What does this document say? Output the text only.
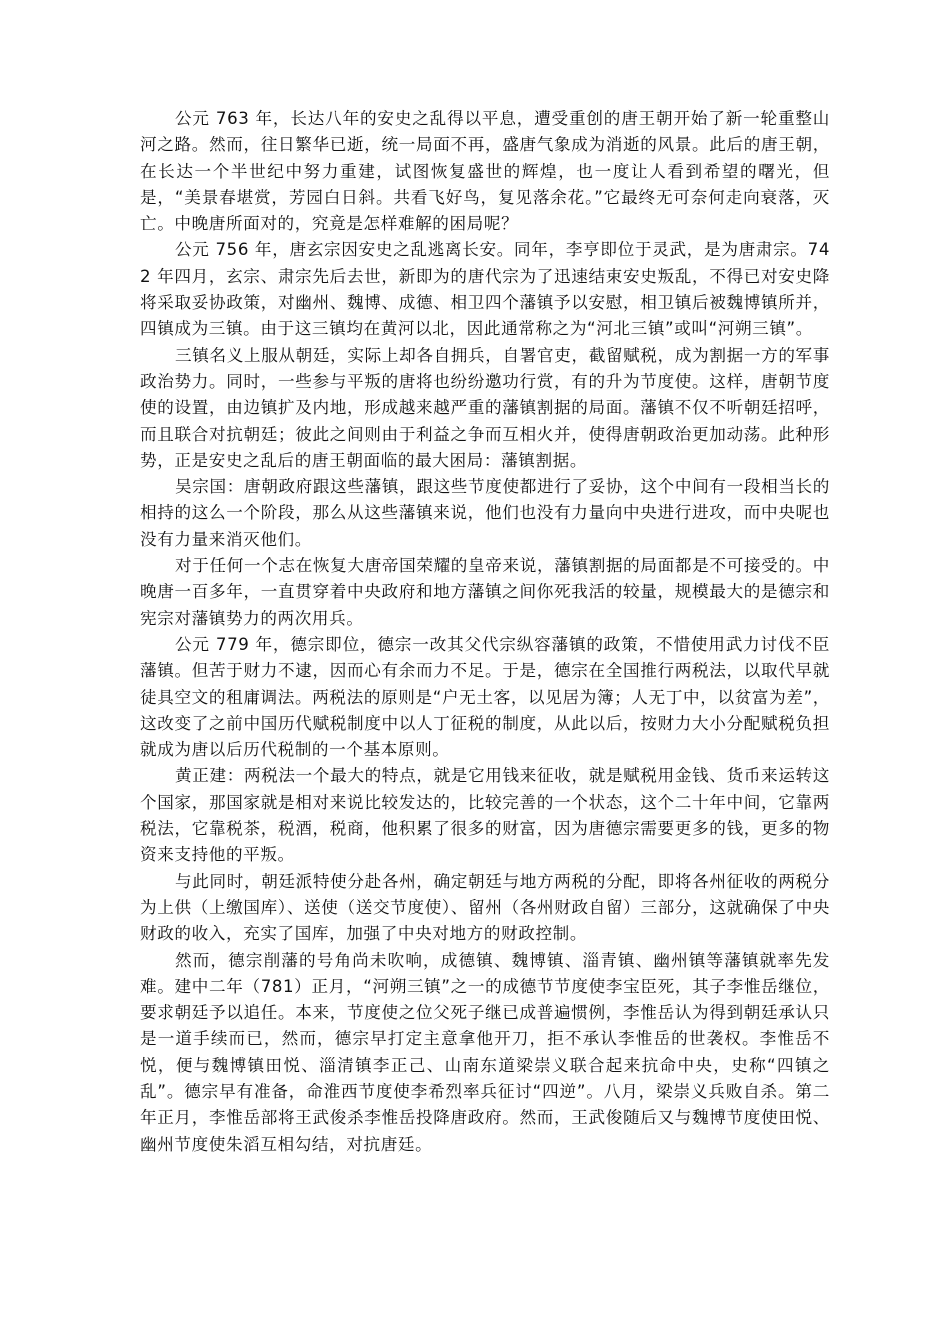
公元 763 年，长达八年的安史之乱得以平息，遭受重创的唐王朝开始了新一轮重整山河之路。然而，往日繁华已逝，统一局面不再，盛唐气象成为消逝的风景。此后的唐王朝，在长达一个半世纪中努力重建，试图恢复盛世的辉煌，也一度让人看到希望的曙光，但是，“美景春堪赏，芳园白日斜。共看飞好鸟，复见落余花。”它最终无可奈何走向衰落，灭亡。中晚唐所面对的，究竟是怎样难解的困局呢？

公元 756 年，唐玄宗因安史之乱逃离长安。同年，李亨即位于灵武，是为唐肃宗。742 年四月，玄宗、肃宗先后去世，新即为的唐代宗为了迅速结束安史叛乱，不得已对安史降将采取妥协政策，对幽州、魏博、成德、相卫四个藩镇予以安慰，相卫镇后被魏博镇所并，四镇成为三镇。由于这三镇均在黄河以北，因此通常称之为“河北三镇”或叫“河朔三镇”。

三镇名义上服从朝廷，实际上却各自拥兵，自署官吏，截留赋税，成为割据一方的军事政治势力。同时，一些参与平叛的唐将也纷纷邀功行赏，有的升为节度使。这样，唐朝节度使的设置，由边镇扩及内地，形成越来越严重的藩镇割据的局面。藩镇不仅不听朝廷招呼，而且联合对抗朝廷；彼此之间则由于利益之争而互相火并，使得唐朝政治更加动荡。此种形势，正是安史之乱后的唐王朝面临的最大困局：藩镇割据。

吴宗国：唐朝政府跟这些藩镇，跟这些节度使都进行了妥协，这个中间有一段相当长的相持的这么一个阶段，那么从这些藩镇来说，他们也没有力量向中央进行进攻，而中央呢也没有力量来消灭他们。

对于任何一个志在恢复大唐帝国荣耀的皇帝来说，藩镇割据的局面都是不可接受的。中晚唐一百多年，一直贯穿着中央政府和地方藩镇之间你死我活的较量，规模最大的是德宗和宪宗对藩镇势力的两次用兵。

公元 779 年，德宗即位，德宗一改其父代宗纵容藩镇的政策，不惜使用武力讨伐不臣藩镇。但苦于财力不逮，因而心有余而力不足。于是，德宗在全国推行两税法，以取代早就徒具空文的租庸调法。两税法的原则是“户无土客，以见居为簿；人无丁中，以贫富为差”，这改变了之前中国历代赋税制度中以人丁征税的制度，从此以后，按财力大小分配赋税负担就成为唐以后历代税制的一个基本原则。

黄正建：两税法一个最大的特点，就是它用钱来征收，就是赋税用金钱、货币来运转这个国家，那国家就是相对来说比较发达的，比较完善的一个状态，这个二十年中间，它靠两税法，它靠税茶，税酒，税商，他积累了很多的财富，因为唐德宗需要更多的钱，更多的物资来支持他的平叛。

与此同时，朝廷派特使分赴各州，确定朝廷与地方两税的分配，即将各州征收的两税分为上供（上缴国库）、送使（送交节度使）、留州（各州财政自留）三部分，这就确保了中央财政的收入，充实了国库，加强了中央对地方的财政控制。

然而，德宗削藩的号角尚未吹响，成德镇、魏博镇、淄青镇、幽州镇等藩镇就率先发难。建中二年（781）正月，“河朔三镇”之一的成德节节度使李宝臣死，其子李惟岳继位，要求朝廷予以追任。本来，节度使之位父死子继已成普遍惯例，李惟岳认为得到朝廷承认只是一道手续而已，然而，德宗早打定主意拿他开刀，拒不承认李惟岳的世袭权。李惟岳不悦，便与魏博镇田悦、淄清镇李正己、山南东道梁崇义联合起来抗命中央，史称“四镇之乱”。德宗早有准备，命淮西节度使李希烈率兵征讨“四逆”。八月，梁崇义兵败自杀。第二年正月，李惟岳部将王武俊杀李惟岳投降唐政府。然而，王武俊随后又与魏博节度使田悦、幽州节度使朱滔互相勾结，对抗唐廷。
